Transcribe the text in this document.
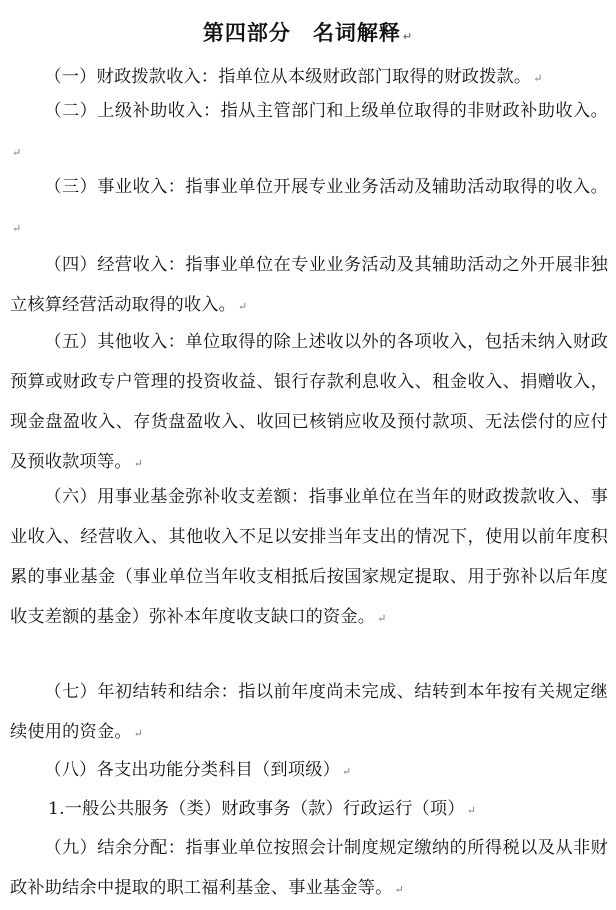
第四部分　名词解释 ↵

（一）财政拨款收入：指单位从本级财政部门取得的财政拨款。 ↵

（二）上级补助收入：指从主管部门和上级单位取得的非财政补助收入。↵

（三）事业收入：指事业单位开展专业业务活动及辅助活动取得的收入。↵

（四）经营收入：指事业单位在专业业务活动及其辅助活动之外开展非独立核算经营活动取得的收入。 ↵

（五）其他收入：单位取得的除上述收以外的各项收入，包括未纳入财政预算或财政专户管理的投资收益、银行存款利息收入、租金收入、捐赠收入，现金盘盈收入、存货盘盈收入、收回已核销应收及预付款项、无法偿付的应付及预收款项等。 ↵

（六）用事业基金弥补收支差额：指事业单位在当年的财政拨款收入、事业收入、经营收入、其他收入不足以安排当年支出的情况下，使用以前年度积累的事业基金（事业单位当年收支相抵后按国家规定提取、用于弥补以后年度收支差额的基金）弥补本年度收支缺口的资金。 ↵

（七）年初结转和结余：指以前年度尚未完成、结转到本年按有关规定继续使用的资金。 ↵

（八）各支出功能分类科目（到项级） ↵

1.一般公共服务（类）财政事务（款）行政运行（项） ↵

（九）结余分配：指事业单位按照会计制度规定缴纳的所得税以及从非财政补助结余中提取的职工福利基金、事业基金等。 ↵
